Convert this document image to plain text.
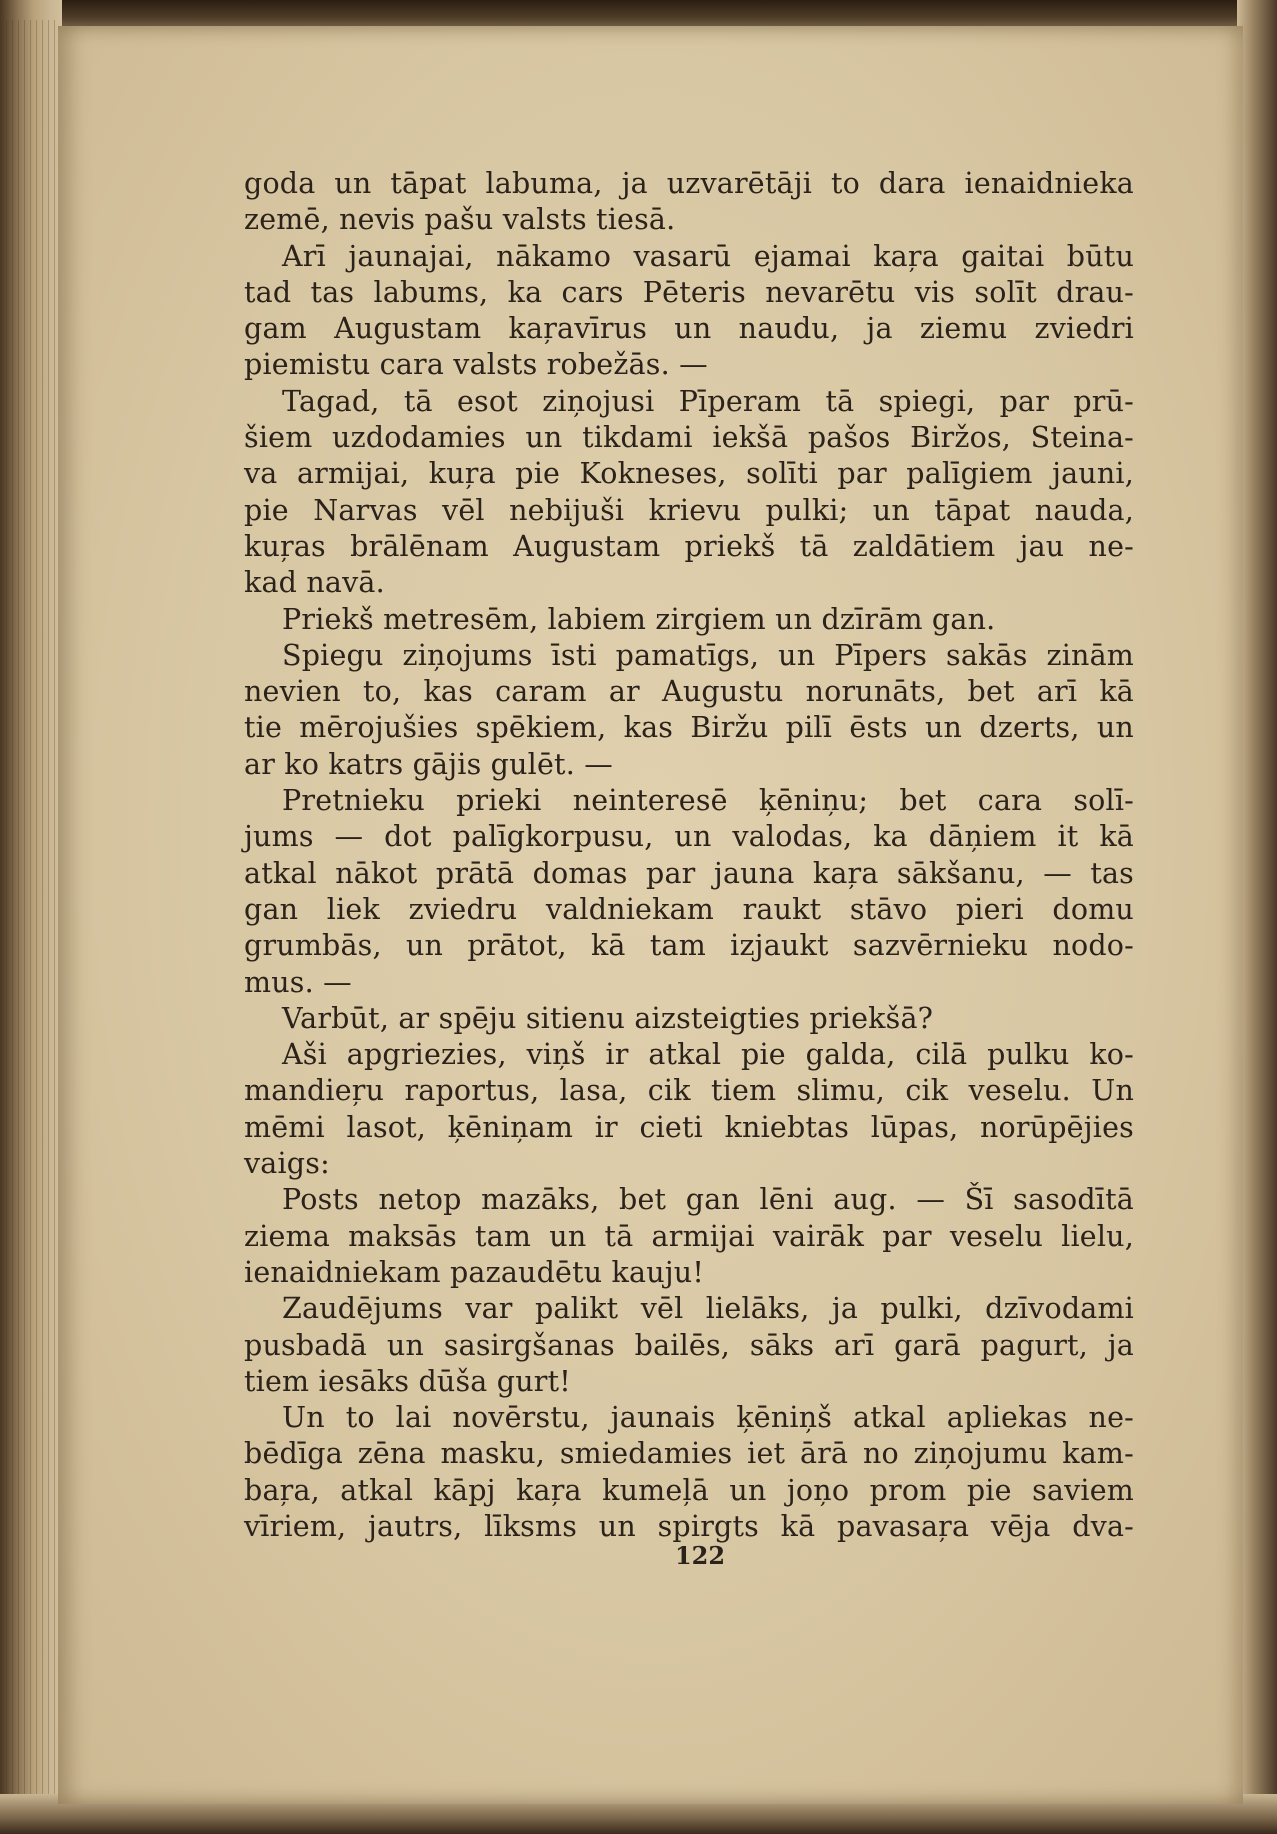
goda un tāpat labuma, ja uzvarētāji to dara ienaidnieka
zemē, nevis pašu valsts tiesā.
Arī jaunajai, nākamo vasarū ejamai kaŗa gaitai būtu
tad tas labums, ka cars Pēteris nevarētu vis solīt drau-
gam Augustam kaŗavīrus un naudu, ja ziemu zviedri
piemistu cara valsts robežās. —
Tagad, tā esot ziņojusi Pīperam tā spiegi, par prū-
šiem uzdodamies un tikdami iekšā pašos Biržos, Steina-
va armijai, kuŗa pie Kokneses, solīti par palīgiem jauni,
pie Narvas vēl nebijuši krievu pulki; un tāpat nauda,
kuŗas brālēnam Augustam priekš tā zaldātiem jau ne-
kad navā.
Priekš metresēm, labiem zirgiem un dzīrām gan.
Spiegu ziņojums īsti pamatīgs, un Pīpers sakās zinām
nevien to, kas caram ar Augustu norunāts, bet arī kā
tie mērojušies spēkiem, kas Biržu pilī ēsts un dzerts, un
ar ko katrs gājis gulēt. —
Pretnieku prieki neinteresē ķēniņu; bet cara solī-
jums — dot palīgkorpusu, un valodas, ka dāņiem it kā
atkal nākot prātā domas par jauna kaŗa sākšanu, — tas
gan liek zviedru valdniekam raukt stāvo pieri domu
grumbās, un prātot, kā tam izjaukt sazvērnieku nodo-
mus. —
Varbūt, ar spēju sitienu aizsteigties priekšā?
Aši apgriezies, viņš ir atkal pie galda, cilā pulku ko-
mandieŗu raportus, lasa, cik tiem slimu, cik veselu. Un
mēmi lasot, ķēniņam ir cieti kniebtas lūpas, norūpējies
vaigs:
Posts netop mazāks, bet gan lēni aug. — Šī sasodītā
ziema maksās tam un tā armijai vairāk par veselu lielu,
ienaidniekam pazaudētu kauju!
Zaudējums var palikt vēl lielāks, ja pulki, dzīvodami
pusbadā un sasirgšanas bailēs, sāks arī garā pagurt, ja
tiem iesāks dūša gurt!
Un to lai novērstu, jaunais ķēniņš atkal apliekas ne-
bēdīga zēna masku, smiedamies iet ārā no ziņojumu kam-
baŗa, atkal kāpj kaŗa kumeļā un joņo prom pie saviem
vīriem, jautrs, līksms un spirgts kā pavasaŗa vēja dva-
122
